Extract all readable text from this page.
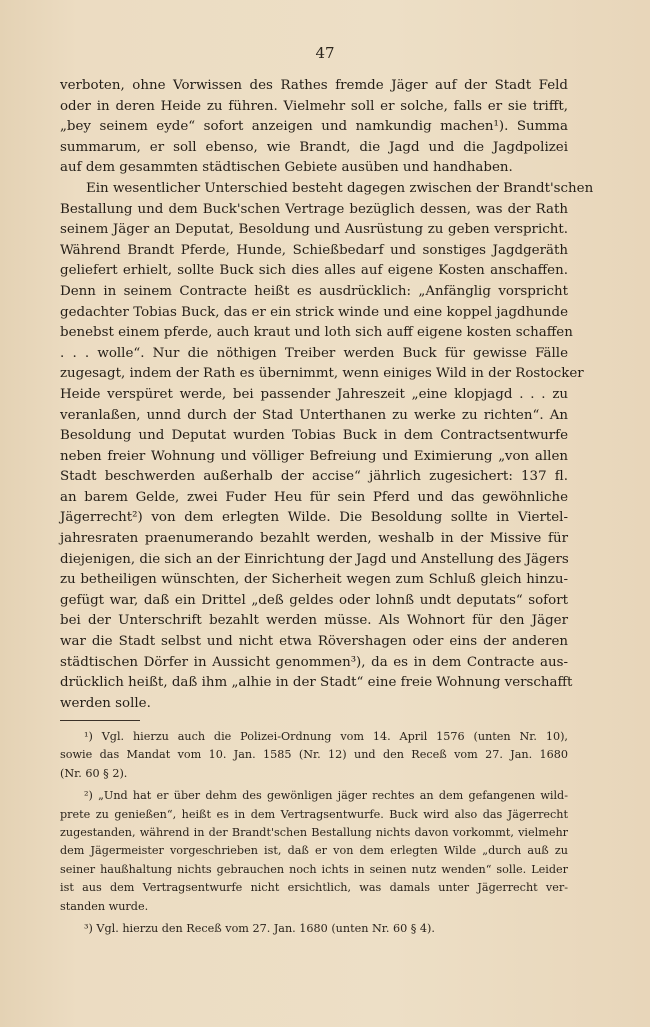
47

verboten, ohne Vorwissen des Rathes fremde Jäger auf der Stadt Feld

oder in deren Heide zu führen. Vielmehr soll er solche, falls er sie trifft,

„bey seinem eyde“ sofort anzeigen und namkundig machen¹). Summa

summarum, er soll ebenso, wie Brandt, die Jagd und die Jagdpolizei

auf dem gesammten städtischen Gebiete ausüben und handhaben.

Ein wesentlicher Unterschied besteht dagegen zwischen der Brandt'schen

Bestallung und dem Buck'schen Vertrage bezüglich dessen, was der Rath

seinem Jäger an Deputat, Besoldung und Ausrüstung zu geben verspricht.

Während Brandt Pferde, Hunde, Schießbedarf und sonstiges Jagdgeräth

geliefert erhielt, sollte Buck sich dies alles auf eigene Kosten anschaffen.

Denn in seinem Contracte heißt es ausdrücklich: „Anfänglig vorspricht

gedachter Tobias Buck, das er ein strick winde und eine koppel jagdhunde

benebst einem pferde, auch kraut und loth sich auff eigene kosten schaffen

. . . wolle“. Nur die nöthigen Treiber werden Buck für gewisse Fälle

zugesagt, indem der Rath es übernimmt, wenn einiges Wild in der Rostocker

Heide verspüret werde, bei passender Jahreszeit „eine klopjagd . . . zu

veranlaßen, unnd durch der Stad Unterthanen zu werke zu richten“. An

Besoldung und Deputat wurden Tobias Buck in dem Contractsentwurfe

neben freier Wohnung und völliger Befreiung und Eximierung „von allen

Stadt beschwerden außerhalb der accise“ jährlich zugesichert: 137 fl.

an barem Gelde, zwei Fuder Heu für sein Pferd und das gewöhnliche

Jägerrecht²) von dem erlegten Wilde. Die Besoldung sollte in Viertel-

jahresraten praenumerando bezahlt werden, weshalb in der Missive für

diejenigen, die sich an der Einrichtung der Jagd und Anstellung des Jägers

zu betheiligen wünschten, der Sicherheit wegen zum Schluß gleich hinzu-

gefügt war, daß ein Drittel „deß geldes oder lohnß undt deputats“ sofort

bei der Unterschrift bezahlt werden müsse. Als Wohnort für den Jäger

war die Stadt selbst und nicht etwa Rövershagen oder eins der anderen

städtischen Dörfer in Aussicht genommen³), da es in dem Contracte aus-

drücklich heißt, daß ihm „alhie in der Stadt“ eine freie Wohnung verschafft

werden solle.

¹) Vgl. hierzu auch die Polizei-Ordnung vom 14. April 1576 (unten Nr. 10),

sowie das Mandat vom 10. Jan. 1585 (Nr. 12) und den Receß vom 27. Jan. 1680

(Nr. 60 § 2).

²) „Und hat er über dehm des gewönligen jäger rechtes an dem gefangenen wild-

prete zu genießen“, heißt es in dem Vertragsentwurfe. Buck wird also das Jägerrecht

zugestanden, während in der Brandt'schen Bestallung nichts davon vorkommt, vielmehr

dem Jägermeister vorgeschrieben ist, daß er von dem erlegten Wilde „durch auß zu

seiner haußhaltung nichts gebrauchen noch ichts in seinen nutz wenden“ solle. Leider

ist aus dem Vertragsentwurfe nicht ersichtlich, was damals unter Jägerrecht ver-

standen wurde.

³) Vgl. hierzu den Receß vom 27. Jan. 1680 (unten Nr. 60 § 4).
